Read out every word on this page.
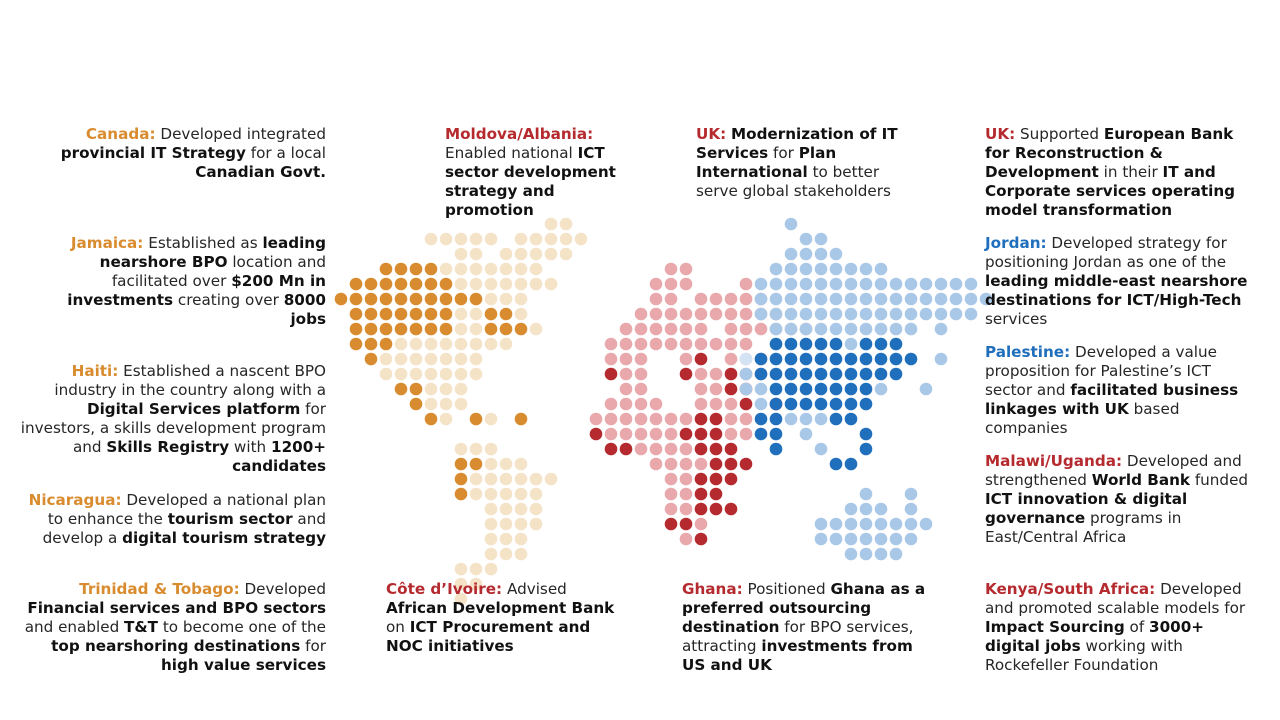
Canada: Developed integrated provincial IT Strategy for a local Canadian Govt.

Jamaica: Established as leading nearshore BPO location and facilitated over $200 Mn in investments creating over 8000 jobs

Haiti: Established a nascent BPO industry in the country along with a Digital Services platform for investors, a skills development program and Skills Registry with 1200+ candidates

Nicaragua: Developed a national plan to enhance the tourism sector and develop a digital tourism strategy

Trinidad & Tobago: Developed Financial services and BPO sectors and enabled T&T to become one of the top nearshoring destinations for high value services

Moldova/Albania: Enabled national ICT sector development strategy and promotion

UK: Modernization of IT Services for Plan International to better serve global stakeholders

Côte d’Ivoire: Advised African Development Bank on ICT Procurement and NOC initiatives

Ghana: Positioned Ghana as a preferred outsourcing destination for BPO services, attracting investments from US and UK

UK: Supported European Bank for Reconstruction & Development in their IT and Corporate services operating model transformation

Jordan: Developed strategy for positioning Jordan as one of the leading middle-east nearshore destinations for ICT/High-Tech services

Palestine: Developed a value proposition for Palestine’s ICT sector and facilitated business linkages with UK based companies

Malawi/Uganda: Developed and strengthened World Bank funded ICT innovation & digital governance programs in East/Central Africa

Kenya/South Africa: Developed and promoted scalable models for Impact Sourcing of 3000+ digital jobs working with Rockefeller Foundation
